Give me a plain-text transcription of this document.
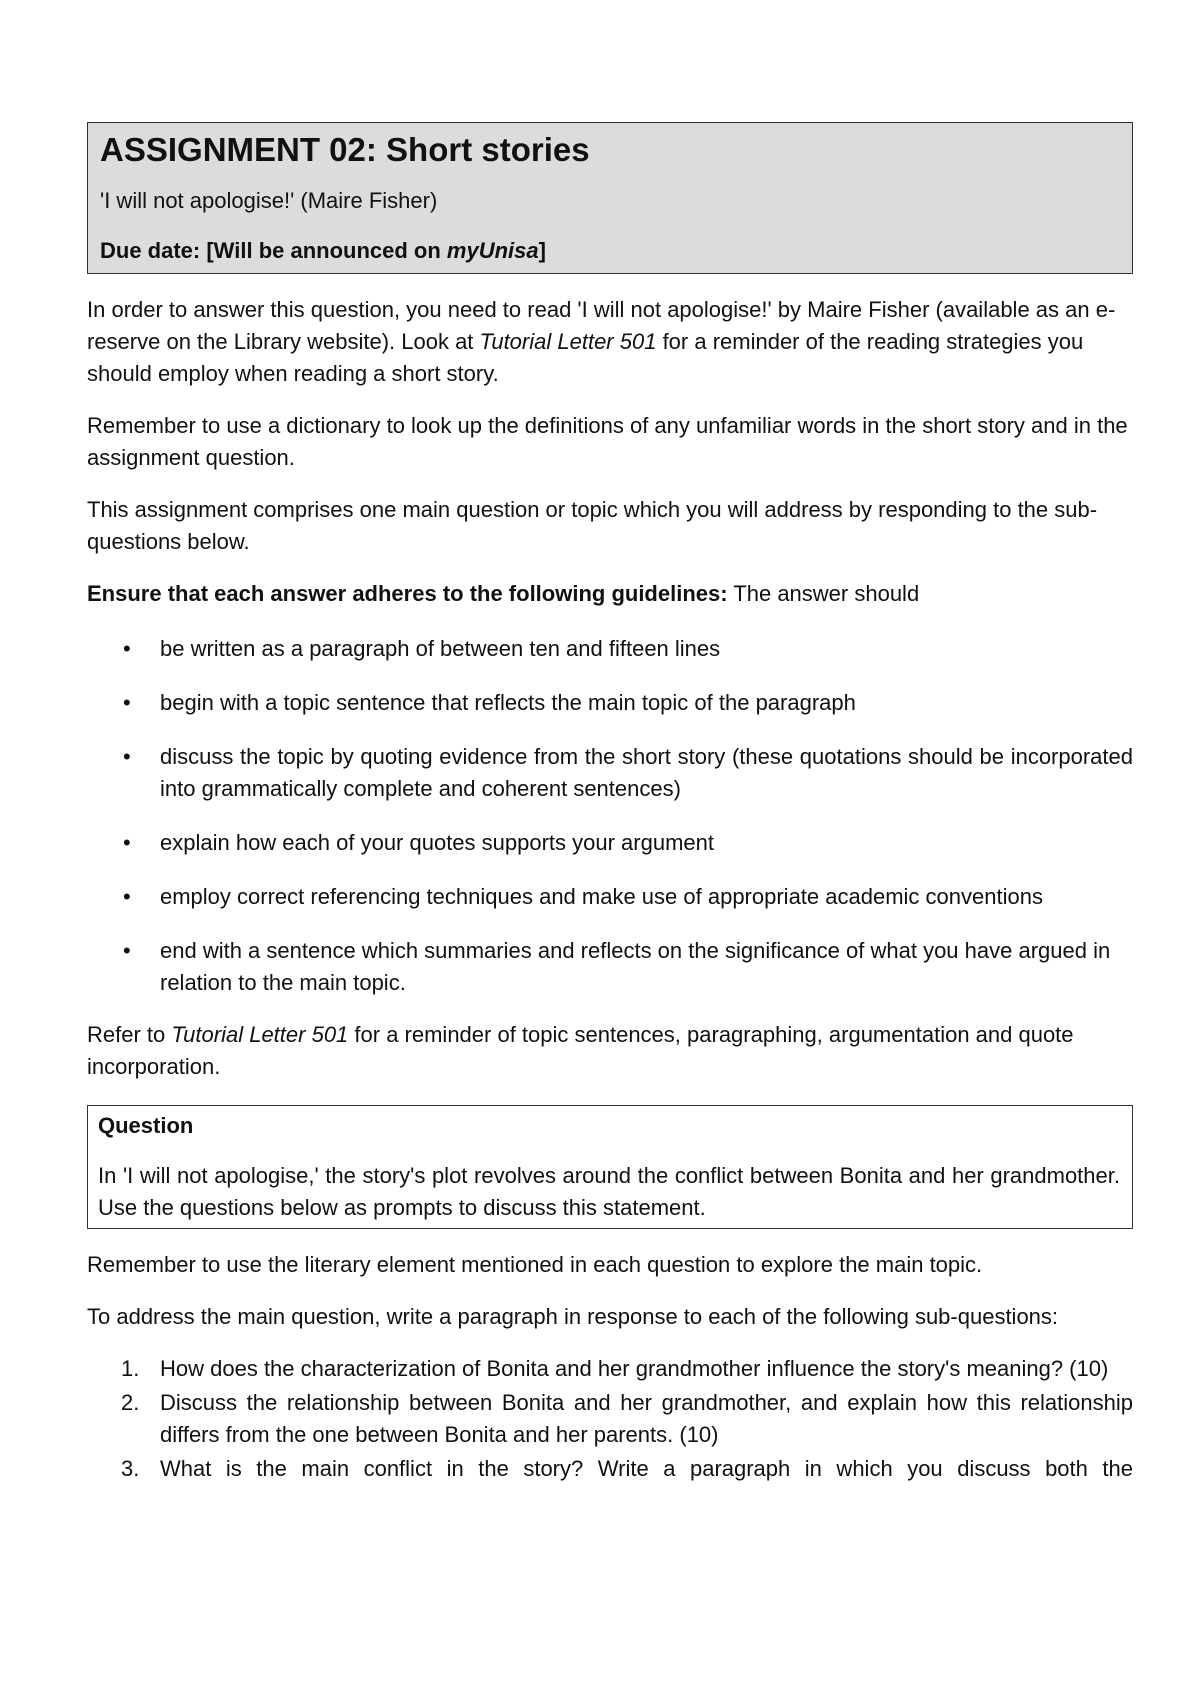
ASSIGNMENT 02: Short stories

'I will not apologise!' (Maire Fisher)

Due date: [Will be announced on myUnisa]

In order to answer this question, you need to read 'I will not apologise!' by Maire Fisher (available as an e-reserve on the Library website). Look at Tutorial Letter 501 for a reminder of the reading strategies you should employ when reading a short story.

Remember to use a dictionary to look up the definitions of any unfamiliar words in the short story and in the assignment question.

This assignment comprises one main question or topic which you will address by responding to the sub-questions below.

Ensure that each answer adheres to the following guidelines: The answer should

• be written as a paragraph of between ten and fifteen lines
• begin with a topic sentence that reflects the main topic of the paragraph
• discuss the topic by quoting evidence from the short story (these quotations should be incorporated into grammatically complete and coherent sentences)
• explain how each of your quotes supports your argument
• employ correct referencing techniques and make use of appropriate academic conventions
• end with a sentence which summaries and reflects on the significance of what you have argued in relation to the main topic.

Refer to Tutorial Letter 501 for a reminder of topic sentences, paragraphing, argumentation and quote incorporation.

Question

In 'I will not apologise,' the story's plot revolves around the conflict between Bonita and her grandmother. Use the questions below as prompts to discuss this statement.

Remember to use the literary element mentioned in each question to explore the main topic.

To address the main question, write a paragraph in response to each of the following sub-questions:

1. How does the characterization of Bonita and her grandmother influence the story's meaning? (10)
2. Discuss the relationship between Bonita and her grandmother, and explain how this relationship differs from the one between Bonita and her parents. (10)
3. What is the main conflict in the story? Write a paragraph in which you discuss both the
